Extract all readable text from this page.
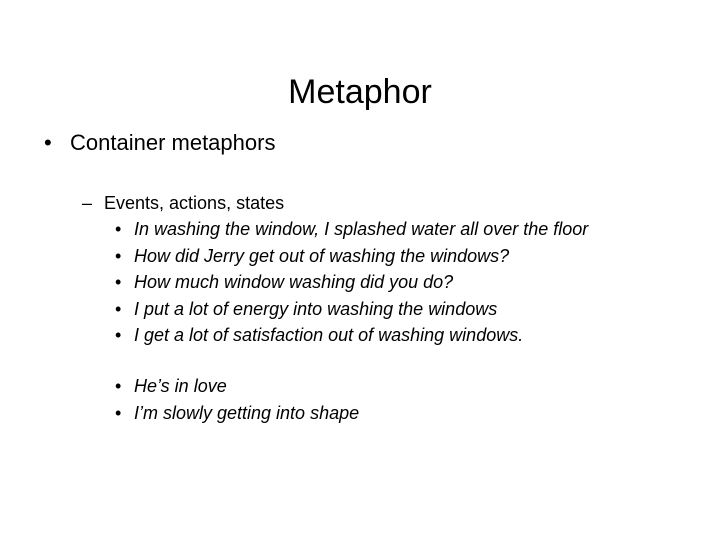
Metaphor
• Container metaphors
– Events, actions, states
• In washing the window, I splashed water all over the floor
• How did Jerry get out of washing the windows?
• How much window washing did you do?
• I put a lot of energy into washing the windows
• I get a lot of satisfaction out of washing windows.
• He’s in love
• I’m slowly getting into shape
